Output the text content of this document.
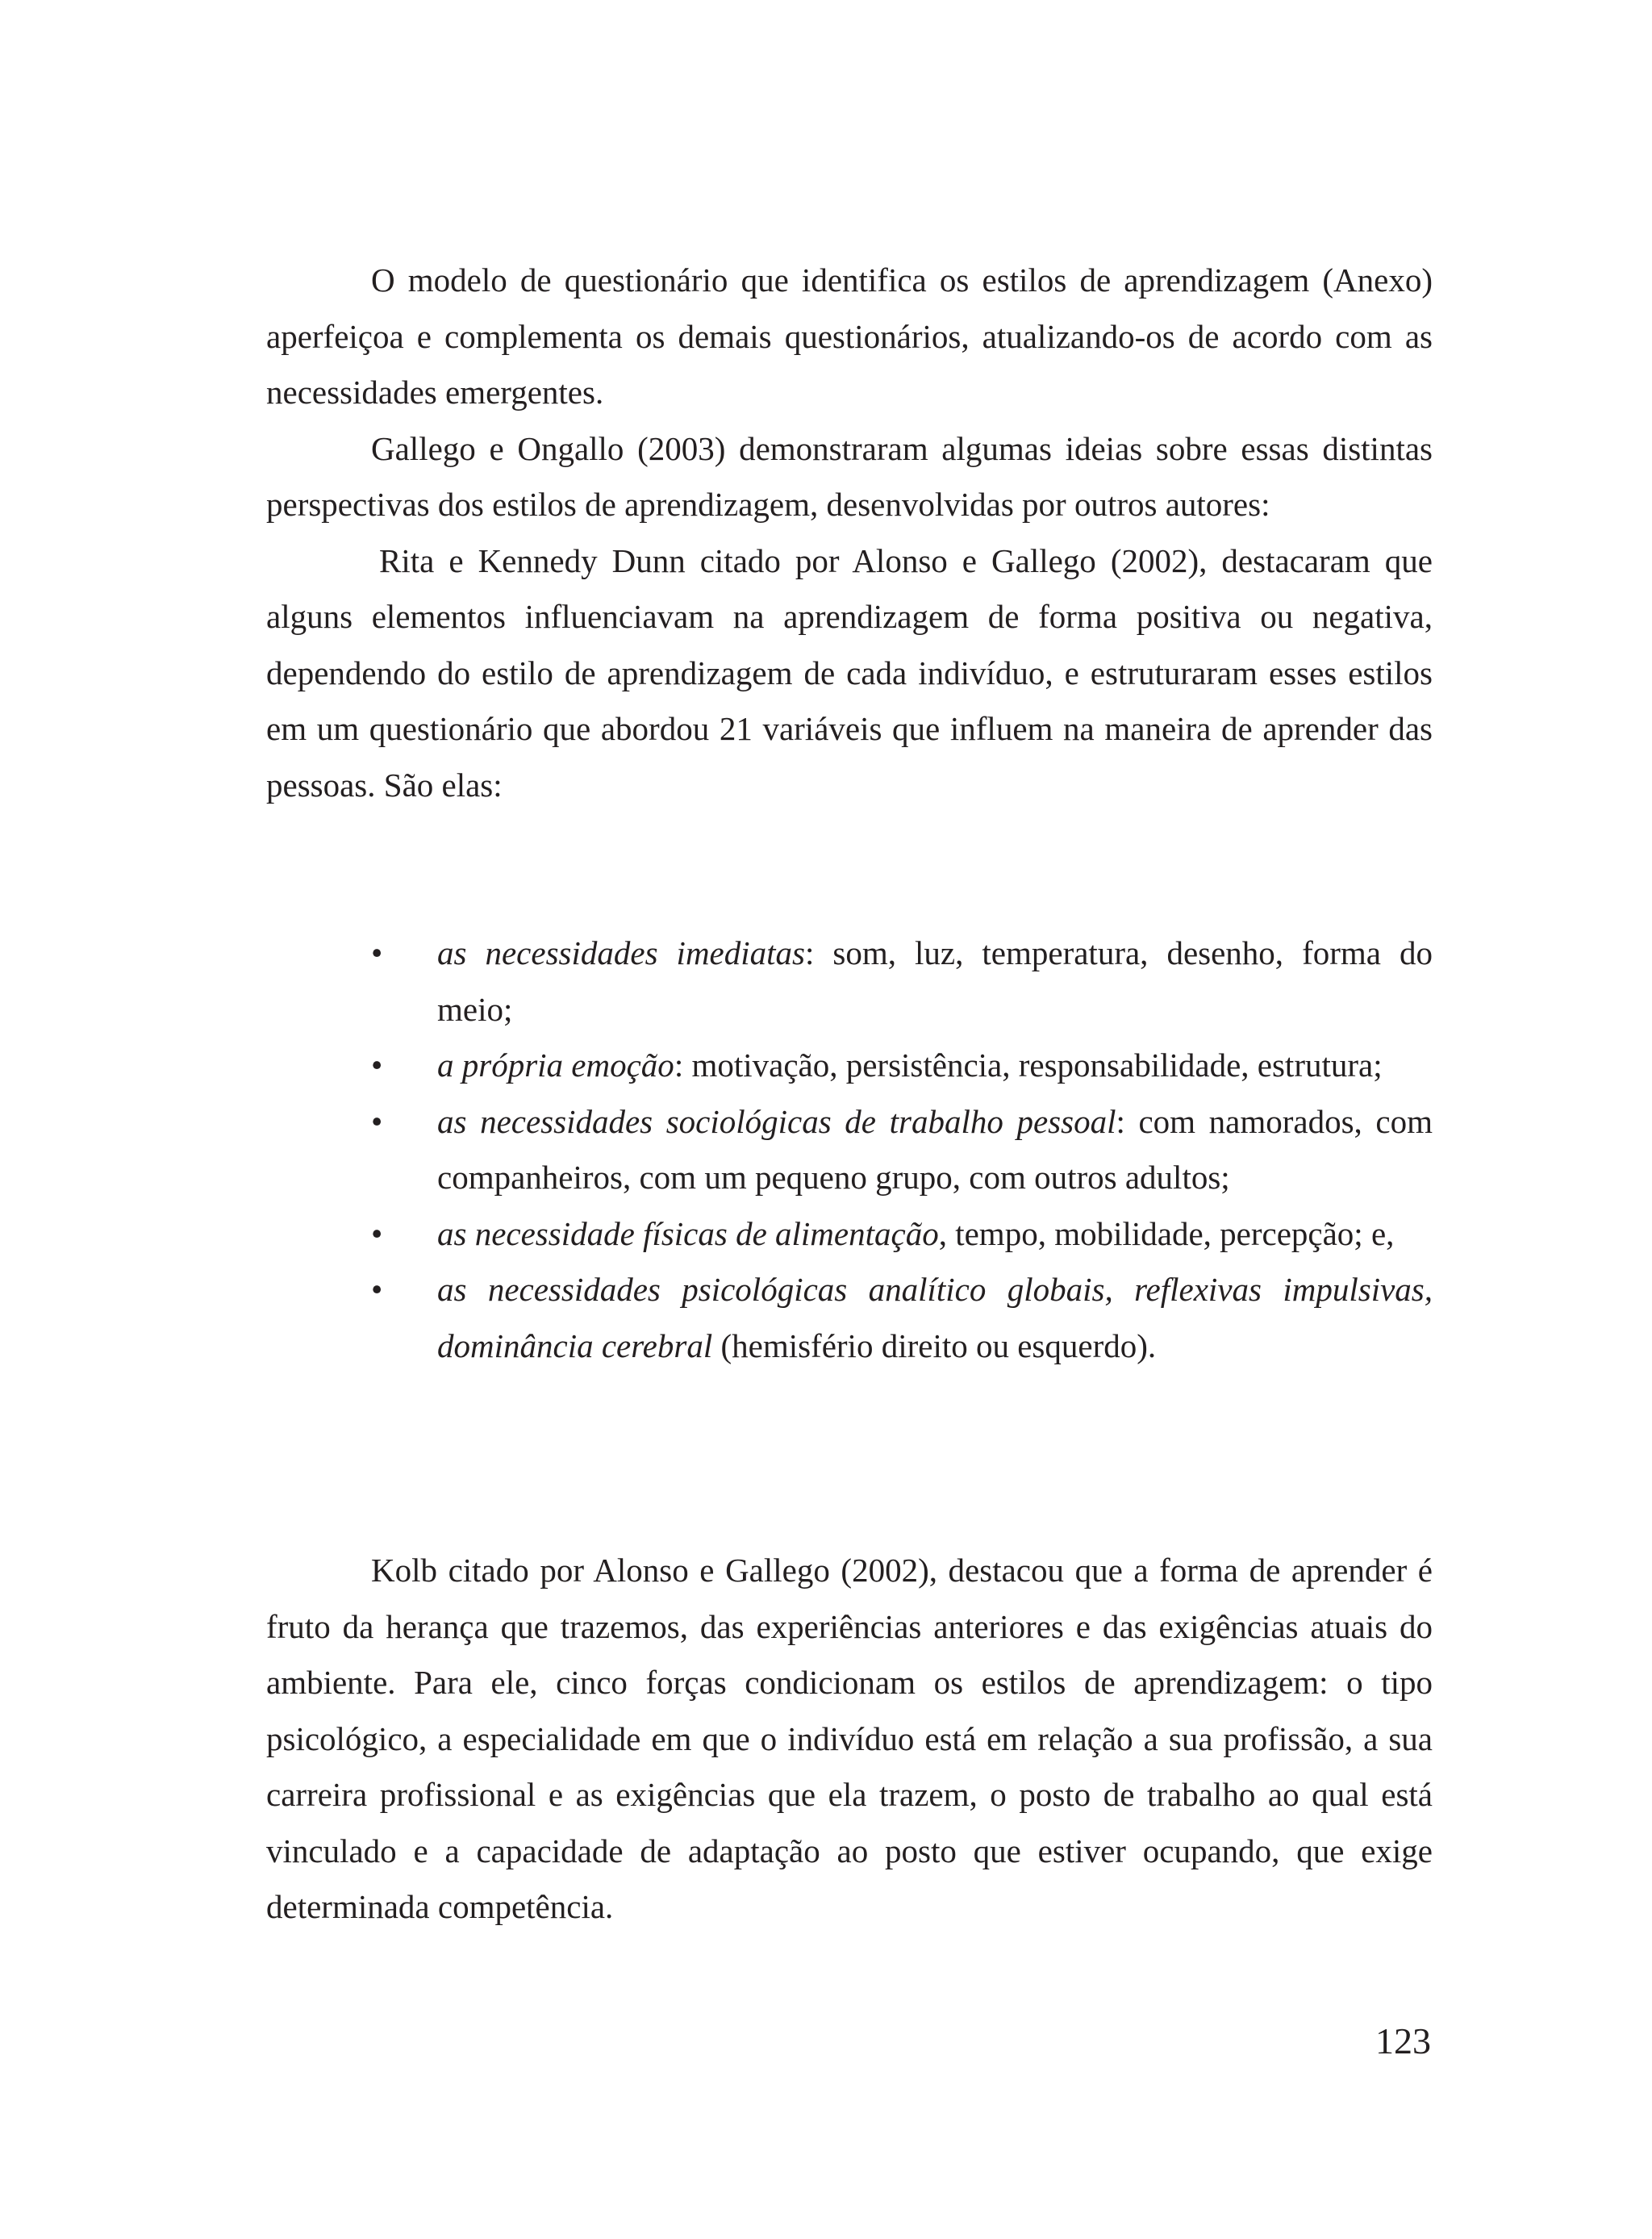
O modelo de questionário que identifica os estilos de aprendizagem (Anexo) aperfeiçoa e complementa os demais questionários, atualizando-os de acordo com as necessidades emergentes.

Gallego e Ongallo (2003) demonstraram algumas ideias sobre essas distintas perspectivas dos estilos de aprendizagem, desenvolvidas por outros autores:

Rita e Kennedy Dunn citado por Alonso e Gallego (2002), destacaram que alguns elementos influenciavam na aprendizagem de forma positiva ou negativa, dependendo do estilo de aprendizagem de cada indivíduo, e estruturaram esses estilos em um questionário que abordou 21 variáveis que influem na maneira de aprender das pessoas. São elas:

• as necessidades imediatas: som, luz, temperatura, desenho, forma do meio;
• a própria emoção: motivação, persistência, responsabilidade, estrutura;
• as necessidades sociológicas de trabalho pessoal: com namorados, com companheiros, com um pequeno grupo, com outros adultos;
• as necessidade físicas de alimentação, tempo, mobilidade, percepção; e,
• as necessidades psicológicas analítico globais, reflexivas impulsivas, dominância cerebral (hemisfério direito ou esquerdo).

Kolb citado por Alonso e Gallego (2002), destacou que a forma de aprender é fruto da herança que trazemos, das experiências anteriores e das exigências atuais do ambiente. Para ele, cinco forças condicionam os estilos de aprendizagem: o tipo psicológico, a especialidade em que o indivíduo está em relação a sua profissão, a sua carreira profissional e as exigências que ela trazem, o posto de trabalho ao qual está vinculado e a capacidade de adaptação ao posto que estiver ocupando, que exige determinada competência.

123
